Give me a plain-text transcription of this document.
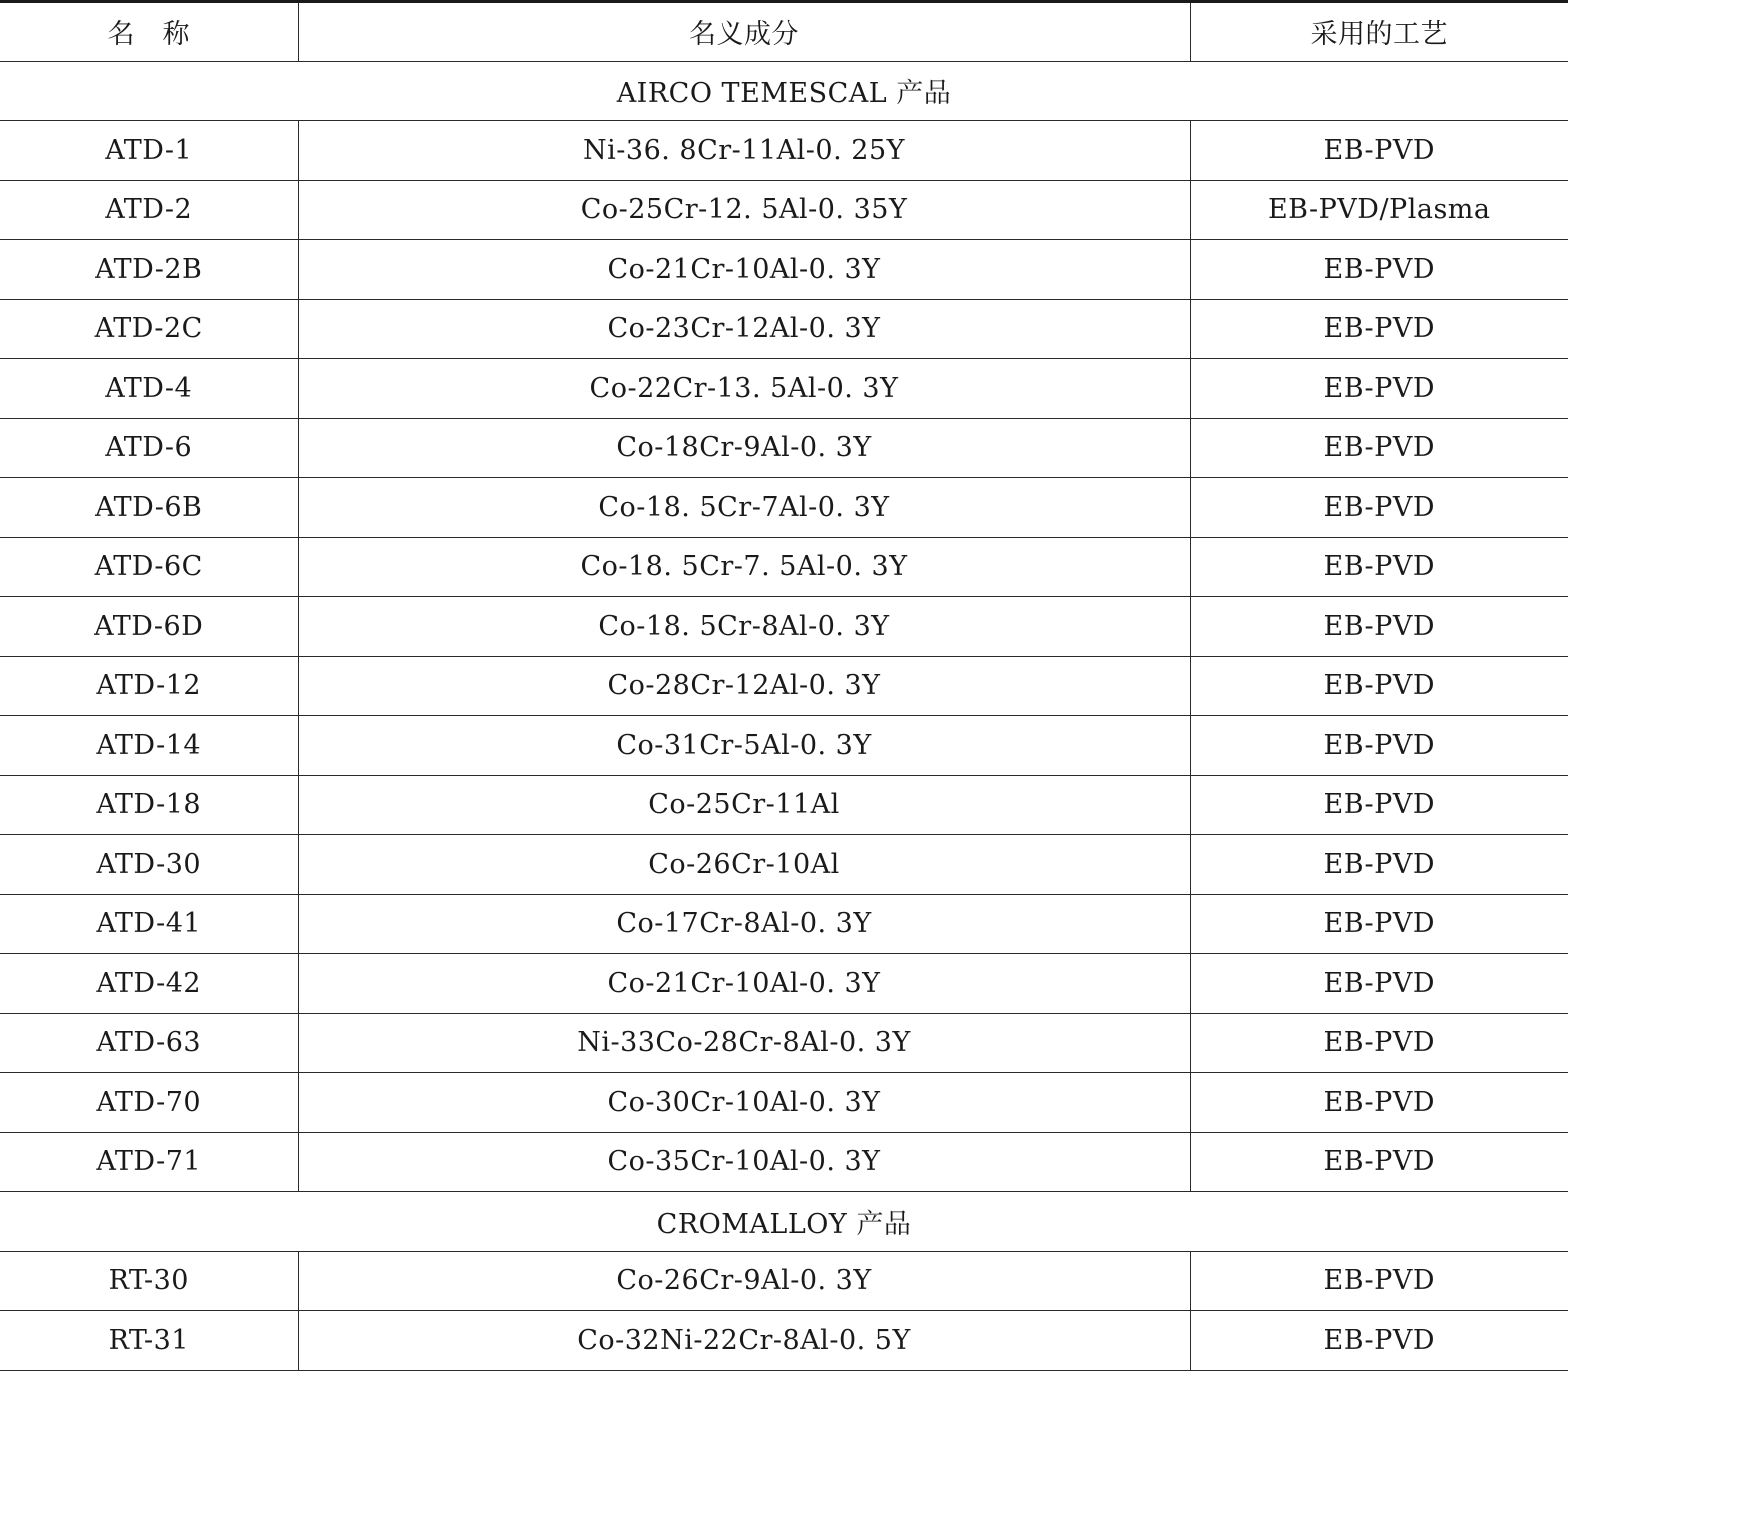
名　称	名义成分	采用的工艺
AIRCO TEMESCAL 产品		
ATD-1	Ni-36. 8Cr-11Al-0. 25Y	EB-PVD
ATD-2	Co-25Cr-12. 5Al-0. 35Y	EB-PVD/Plasma
ATD-2B	Co-21Cr-10Al-0. 3Y	EB-PVD
ATD-2C	Co-23Cr-12Al-0. 3Y	EB-PVD
ATD-4	Co-22Cr-13. 5Al-0. 3Y	EB-PVD
ATD-6	Co-18Cr-9Al-0. 3Y	EB-PVD
ATD-6B	Co-18. 5Cr-7Al-0. 3Y	EB-PVD
ATD-6C	Co-18. 5Cr-7. 5Al-0. 3Y	EB-PVD
ATD-6D	Co-18. 5Cr-8Al-0. 3Y	EB-PVD
ATD-12	Co-28Cr-12Al-0. 3Y	EB-PVD
ATD-14	Co-31Cr-5Al-0. 3Y	EB-PVD
ATD-18	Co-25Cr-11Al	EB-PVD
ATD-30	Co-26Cr-10Al	EB-PVD
ATD-41	Co-17Cr-8Al-0. 3Y	EB-PVD
ATD-42	Co-21Cr-10Al-0. 3Y	EB-PVD
ATD-63	Ni-33Co-28Cr-8Al-0. 3Y	EB-PVD
ATD-70	Co-30Cr-10Al-0. 3Y	EB-PVD
ATD-71	Co-35Cr-10Al-0. 3Y	EB-PVD
CROMALLOY 产品		
RT-30	Co-26Cr-9Al-0. 3Y	EB-PVD
RT-31	Co-32Ni-22Cr-8Al-0. 5Y	EB-PVD
